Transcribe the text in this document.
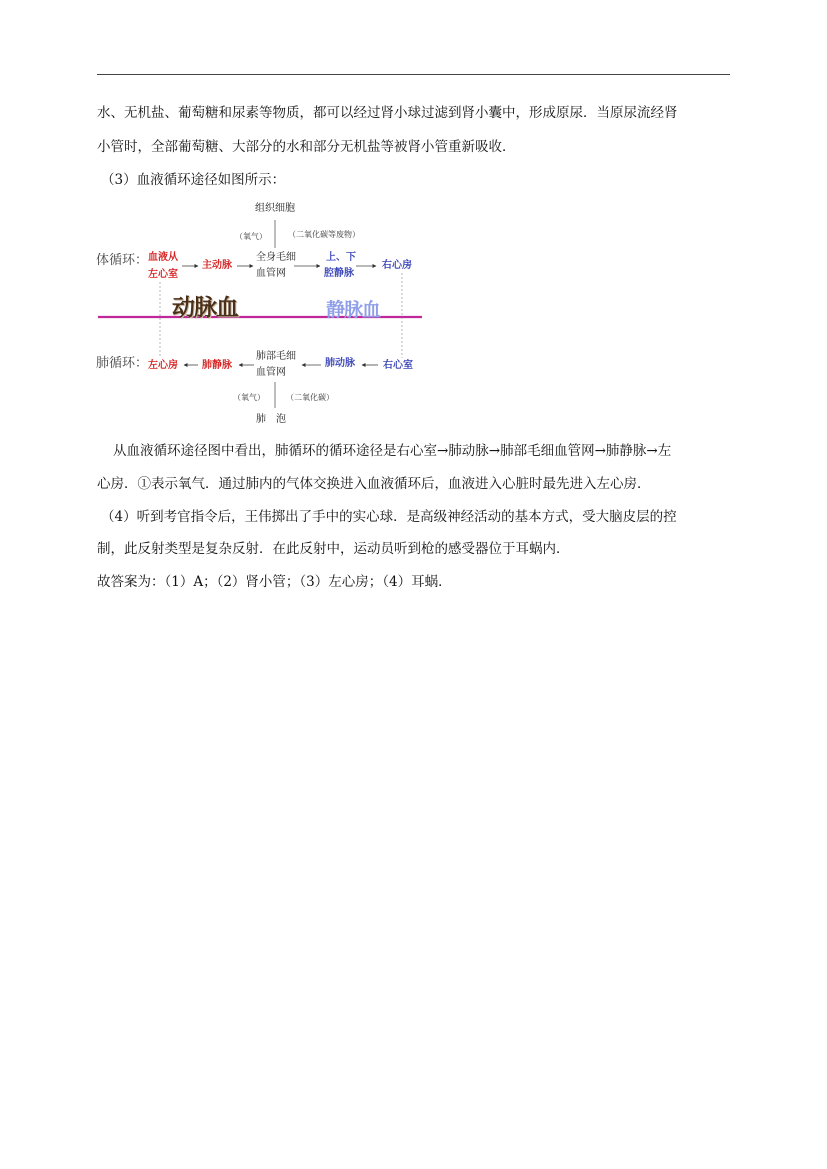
水、无机盐、葡萄糖和尿素等物质，都可以经过肾小球过滤到肾小囊中，形成原尿．当原尿流经肾
小管时，全部葡萄糖、大部分的水和部分无机盐等被肾小管重新吸收．
（3）血液循环途径如图所示：
组织细胞
（氧气）	（二氧化碳等废物）
体循环： 血液从
左心室
主动脉
全身毛细
血管网
上、下
腔静脉
右心房
动脉血	静脉血
肺循环： 左心房 肺静脉
肺部毛细
血管网
肺动脉	右心室
（氧气）	（二氧化碳）
肺　泡
从血液循环途径图中看出，肺循环的循环途径是右心室→肺动脉→肺部毛细血管网→肺静脉→左
心房．①表示氧气．通过肺内的气体交换进入血液循环后，血液进入心脏时最先进入左心房．
（4）听到考官指令后，王伟掷出了手中的实心球．是高级神经活动的基本方式，受大脑皮层的控
制，此反射类型是复杂反射．在此反射中，运动员听到枪的感受器位于耳蜗内．
故答案为：（1）A；（2）肾小管；（3）左心房；（4）耳蜗．
